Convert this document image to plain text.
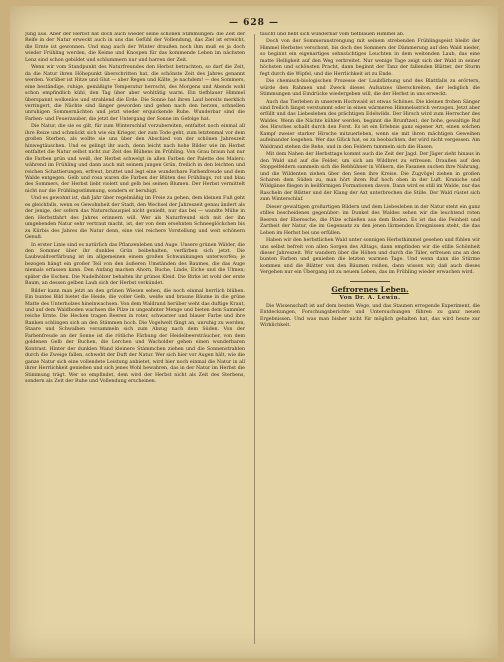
— 628 —

Jung aus. Aber der Herbst hat doch auch wieder seine schönen Stimmungen: die Zeit der Reife in der Natur erweckt auch in uns das Gefühl der Vollendung, das Ziel ist erreicht, die Ernte ist gewonnen. Und mag auch der Winter draußen noch ihm muß es ja doch wieder Frühling werden, die Keime und Knospen für das kommende Leben im nächsten Lenz sind schon gebildet und schlummern nur und harren der Zeit.

Wenn wir vom Standpunkt des Naturfreundes den Herbst betrachten, so darf die Zeit, da die Natur ihren Höhepunkt überschritten hat, die schönste Zeit des Jahres genannt werden. Vorüber ist Hitze und Glut — aber Regen und Kälte, je nachdem! — des Sommers, eine beständige, ruhige, gemäßigte Temperatur herrscht, des Morgens und Abends wohl schon empfindlich kühl, den Tag über aber wohltätig warm. Ein tiefblauer Himmel überspannt wolkenlos und strahlend die Erde. Die Sonne hat ihren Lauf bereits merklich verringert, die Nächte sind länger geworden und gehen nach den herzen, schnellen unruhigen Sommernächten und jetzt wieder erquickende Ruhe. Wunderbar sind die Farben- und Feuerzauber, die jetzt der Untergang der Sonne im Gefolge hat.

Die Natur, die sie es gilt, für zum Winterschlaf vorzubereiten, entfaltet noch einmal all ihre Reize und schmückt sich wie ein Krieger, der zum Tode geht, zum letztenmal vor dem großen Sterben, als wollte sie uns über den Abschied von der schönen Jahreszeit hinwegtäuschen. Und es gelingt ihr auch, denn leicht nach hohe Bilder wie im Herbst entfaltet die Natur selbst nicht zur Zeit des Blühens im Frühling. Von Grau braun hat nur die Farben grün und weiß, der Herbst schwelgt in allen Farben der Palette des Malers: während im Frühling und dann auch mit seinem jungen Grün, freilich in den leichten und reichen Schattierungen, erfreut, bruttet und legt eine wunderbare Farbenfreude und dem Walde entgegen. Gelb und rosa waren die Farben der Blüten des Frühlings, rot und blau des Sommers, der Herbst liebt violett und gelb bei seinen Blumen. Der Herbst vermittelt nicht nur die Frühlingsstimmung, sondern er beruhigt.

Und es gewohnt ist, daß Jahr über regelmäßig im Freie zu gehen, dem kleinen Fuß geht es gleichfalls, wenn es Gewohnheit der Stadt, den Wechsel der Jahreszeit genau ändert als der jenige, der sofern das Naturschauspiel nicht genießt, nur das bei — wandte Mühe in den Herbstfahrt des Jahres erinnern will. Wer als Naturfreund sich mit der ihn umgebenden Natur sehr vertraut macht, ist, der von dem ersehnten Schneeglöckchen bis zu Kürbis des Jahres die Natur denn, eine viel reichere Vorstellung und weit schönern Genuß.

In erster Linie sind es natürlich das Pflanzenleben und Auge. Unsere grünen Wälder, die den Sommer über ihr dunkles Grün beibehalten, verfärben sich jetzt. Die Laubwaldverfärbung ist im allgemeinen einem großen Schwankungen unterworfen; je bezogen hängt ein großer Teil von den äußeren Umständen des Baumes, die das Auge niemals erfassen kann. Den Anfang machen Ahorn, Buche, Linde, Eiche und die Ulmen; später die Eschen. Die Nadelhölzer behalten ihr grünes Kleid. Die Birke ist wohl der erste Baum, an dessen gelben Laub sich der Herbst verkündet.

Bilder kann man jetzt an den grünen Wiesen sehen, die noch einmal herrlich blühen. Ein buntes Bild bietet die Heide, die voller Gelb, weiße und braune Bäume in die grüne Matte des Unterholzes hineinwachsen. Von dem Waldrand herüber weht das duftige Kraut, und auf dem Waldboden wachsen die Pilze in ungeahnter Menge und bieten dem Sammler reiche Ernte. Die Hecken tragen Beeren in roter, schwarzer und blauer Farbe und ihre Ranken schlingen sich an den Stämmen hoch. Die Vogelwelt fängt an, unruhig zu werden, Staare und Schwalben versammeln sich zum Abzug nach dem Süden. Von der Farbenfreude an der Sonne ist die rötliche Färbung der Heidelbeersträucher, von dem goldenen Gelb der Buchen, die Lerchen und Wacholder gehen einen wunderbaren Kontrast. Hinter der dunklen Wand kleinere Stämmchen ziehen und die Sonnenstrahlen durch die Zweige fallen, schwebt der Duft der Natur. Wer sich hier vor Augen hält, wie die ganze Natur sich eine vollendete Leistung anbietet, wird hier noch einmal die Natur in all ihrer Herrlichkeit genießen und sich jenes Wohl bewahren, das in der Natur im Herbst die Stimmung trägt. Wer so empfindet, dem wird der Herbst nicht als Zeit des Sterbens, sondern als Zeit der Ruhe und Vollendung erscheinen.

taucht und hebt sich wunderbar vom tiefblauen Himmel ab.

Doch von der Sommeranstrengung mit seinem strebenden Frühlingsgeist bleibt der Himmel Herbstes verschont, bis doch des Sommers der Dämmerung auf den Wald nieder, so beginnt ein eigenartiges sehnsüchtiges Leuchten in dem weitenden Laub, das eine matte Helligkeit auf den Weg verbreitet. Nur wenige Tage zeigt sich der Wald in seiner höchsten und schönsten Pracht, dann beginnt der Tanz der fallenden Blätter, der Sturm fegt durch die Wipfel, und die Herrlichkeit ist zu Ende.

Die chemisch-biologischen Prozesse der Laubfärbung und des Blattfalls zu erörtern, würde den Rahmen und Zweck dieses Aufsatzes überschreiten, der lediglich die Stimmungen und Eindrücke wiedergeben will, die der Herbst in uns erweckt.

Auch das Tierleben in unserem Hochwald ist etwas Schönes. Die kleinen frohen Sänger sind freilich längst verstummt oder in einen wärmeren Himmelsstrich verzogen. Jetzt aber erfüllt und das Liebesleben des prächtigen Edelwilds. Der Hirsch wird zum Herrscher des Waldes. Wenn die Nächte kühler werden, beginnt die Brunftzeit, der hohe, gewaltige Ruf des Hirsches schallt durch den Forst. Es ist ein Erlebnis ganz eigener Art, einen solchen Kampf zweier starker Hirsche mitzuerleben, wenn sie mit ihren mächtigen Geweihen aufeinander losgehen. Wer das Glück hat, es zu beobachten, der wird nicht vergessen. Am Waldrand stehen die Rehe, und in den Feldern tummeln sich die Hasen.

Mit dem Nahen der Herbsttage kommt auch die Zeit der Jagd. Der Jäger zieht hinaus in den Wald und auf die Felder, um sich am Wildbret zu erfreuen. Draußen auf den Stoppelfeldern sammeln sich die Rebhühner in Völkern, die Fasanen suchen ihre Nahrung, und die Wildenten ziehen über den Seen ihre Kreise. Die Zugvögel ziehen in großen Scharen dem Süden zu, man hört ihren Ruf hoch oben in der Luft. Kraniche und Wildgänse fliegen in keilförmigen Formationen davon. Dann wird es still im Walde, nur das Rascheln der Blätter und der Klang der Axt unterbrechen die Stille. Der Wald rüstet sich zum Winterschlaf.

Dieser gewaltigen großartigen Bildern und dem Liebesleben in der Natur steht ein ganz stilles bescheidenes gegenüber: im Dunkel des Waldes sehen wir die leuchtend roten Beeren der Eberesche, die Pilze schießen aus dem Boden. Es ist das die Feinheit und Zartheit der Natur, die im Gegensatz zu den jenen lärmenden Ereignissen steht, die das Leben im Herbst bei uns erfüllen.

Haben wir den herbstlichen Wald unter sonnigen Herbsthimmel gesehen und fühlen wir uns selbst befreit von allen Sorgen des Alltags, dann empfinden wir die stille Schönheit dieser Jahreszeit. Wir wandern über die Höhen und durch die Täler, erfreuen uns an den bunten Farben und genießen die letzten warmen Tage. Und wenn dann die Stürme kommen und die Blätter von den Bäumen reißen, dann wissen wir, daß auch dieses Vergehen nur ein Übergang ist zu neuem Leben, das im Frühling wieder erwachen wird.

Gefrorenes Leben.
Von Dr. A. Lewin.

Die Wissenschaft ist auf dem besten Wege, und das Staunen erregende Experiment, die Entdeckungen, Forschungsberichte und Untersuchungen führen zu ganz neuen Ergebnissen. Und was man bisher nicht für möglich gehalten hat, das wird heute zur Wirklichkeit.
